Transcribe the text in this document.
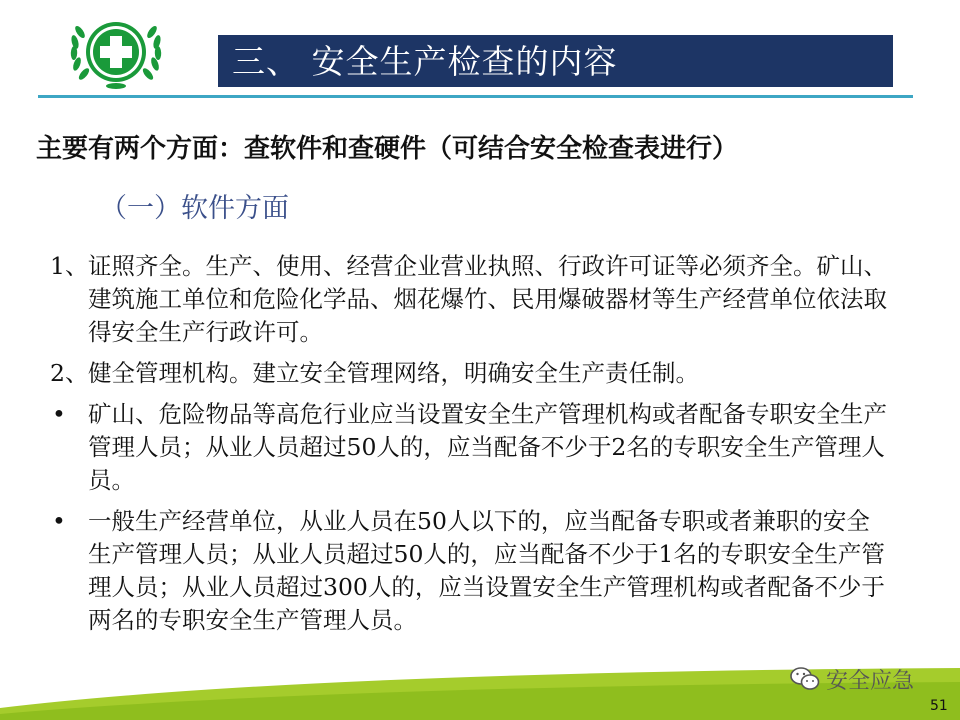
三、 安全生产检查的内容
主要有两个方面：查软件和查硬件（可结合安全检查表进行）
（一）软件方面
1、 证照齐全。生产、使用、经营企业营业执照、行政许可证等必须齐全。矿山、建筑施工单位和危险化学品、烟花爆竹、民用爆破器材等生产经营单位依法取得安全生产行政许可。
2、 健全管理机构。建立安全管理网络，明确安全生产责任制。
• 矿山、危险物品等高危行业应当设置安全生产管理机构或者配备专职安全生产管理人员；从业人员超过50人的，应当配备不少于2名的专职安全生产管理人员。
• 一般生产经营单位，从业人员在50人以下的，应当配备专职或者兼职的安全生产管理人员；从业人员超过50人的，应当配备不少于1名的专职安全生产管理人员；从业人员超过300人的，应当设置安全生产管理机构或者配备不少于两名的专职安全生产管理人员。
安全应急
51
